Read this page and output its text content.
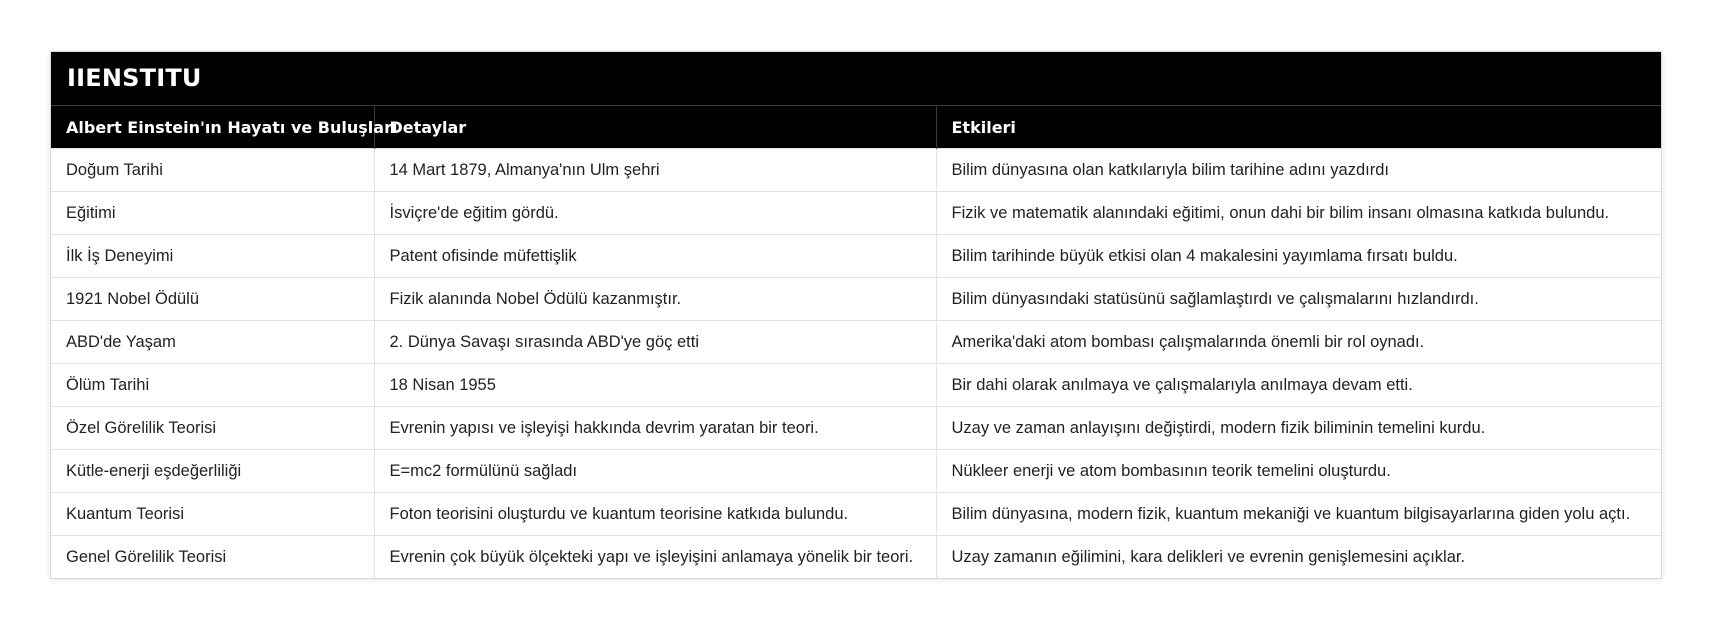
IIENSTITU
Albert Einstein'ın Hayatı ve Buluşları	Detaylar	Etkileri
Doğum Tarihi	14 Mart 1879, Almanya'nın Ulm şehri	Bilim dünyasına olan katkılarıyla bilim tarihine adını yazdırdı
Eğitimi	İsviçre'de eğitim gördü.	Fizik ve matematik alanındaki eğitimi, onun dahi bir bilim insanı olmasına katkıda bulundu.
İlk İş Deneyimi	Patent ofisinde müfettişlik	Bilim tarihinde büyük etkisi olan 4 makalesini yayımlama fırsatı buldu.
1921 Nobel Ödülü	Fizik alanında Nobel Ödülü kazanmıştır.	Bilim dünyasındaki statüsünü sağlamlaştırdı ve çalışmalarını hızlandırdı.
ABD'de Yaşam	2. Dünya Savaşı sırasında ABD'ye göç etti	Amerika'daki atom bombası çalışmalarında önemli bir rol oynadı.
Ölüm Tarihi	18 Nisan 1955	Bir dahi olarak anılmaya ve çalışmalarıyla anılmaya devam etti.
Özel Görelilik Teorisi	Evrenin yapısı ve işleyişi hakkında devrim yaratan bir teori.	Uzay ve zaman anlayışını değiştirdi, modern fizik biliminin temelini kurdu.
Kütle-enerji eşdeğerliliği	E=mc2 formülünü sağladı	Nükleer enerji ve atom bombasının teorik temelini oluşturdu.
Kuantum Teorisi	Foton teorisini oluşturdu ve kuantum teorisine katkıda bulundu.	Bilim dünyasına, modern fizik, kuantum mekaniği ve kuantum bilgisayarlarına giden yolu açtı.
Genel Görelilik Teorisi	Evrenin çok büyük ölçekteki yapı ve işleyişini anlamaya yönelik bir teori.	Uzay zamanın eğilimini, kara delikleri ve evrenin genişlemesini açıklar.
